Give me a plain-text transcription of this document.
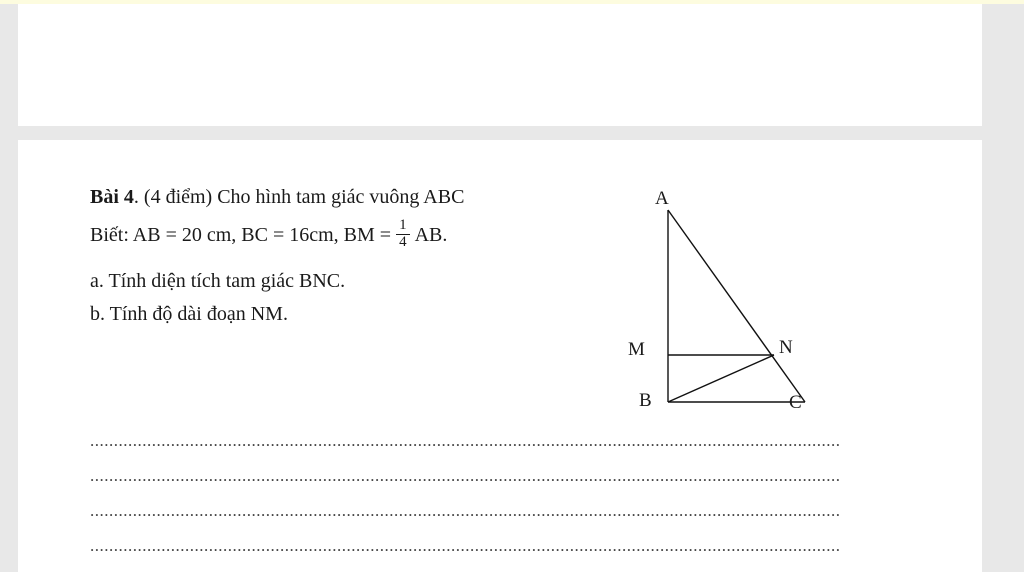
Bài 4. (4 điểm) Cho hình tam giác vuông ABC
Biết: AB = 20 cm, BC = 16cm, BM = $\frac{1}{4}$ AB.
a. Tính diện tích tam giác BNC.
b. Tính độ dài đoạn NM.
A
B	C
M	N
..............................................................................................................................................................
..............................................................................................................................................................
..............................................................................................................................................................
..............................................................................................................................................................
